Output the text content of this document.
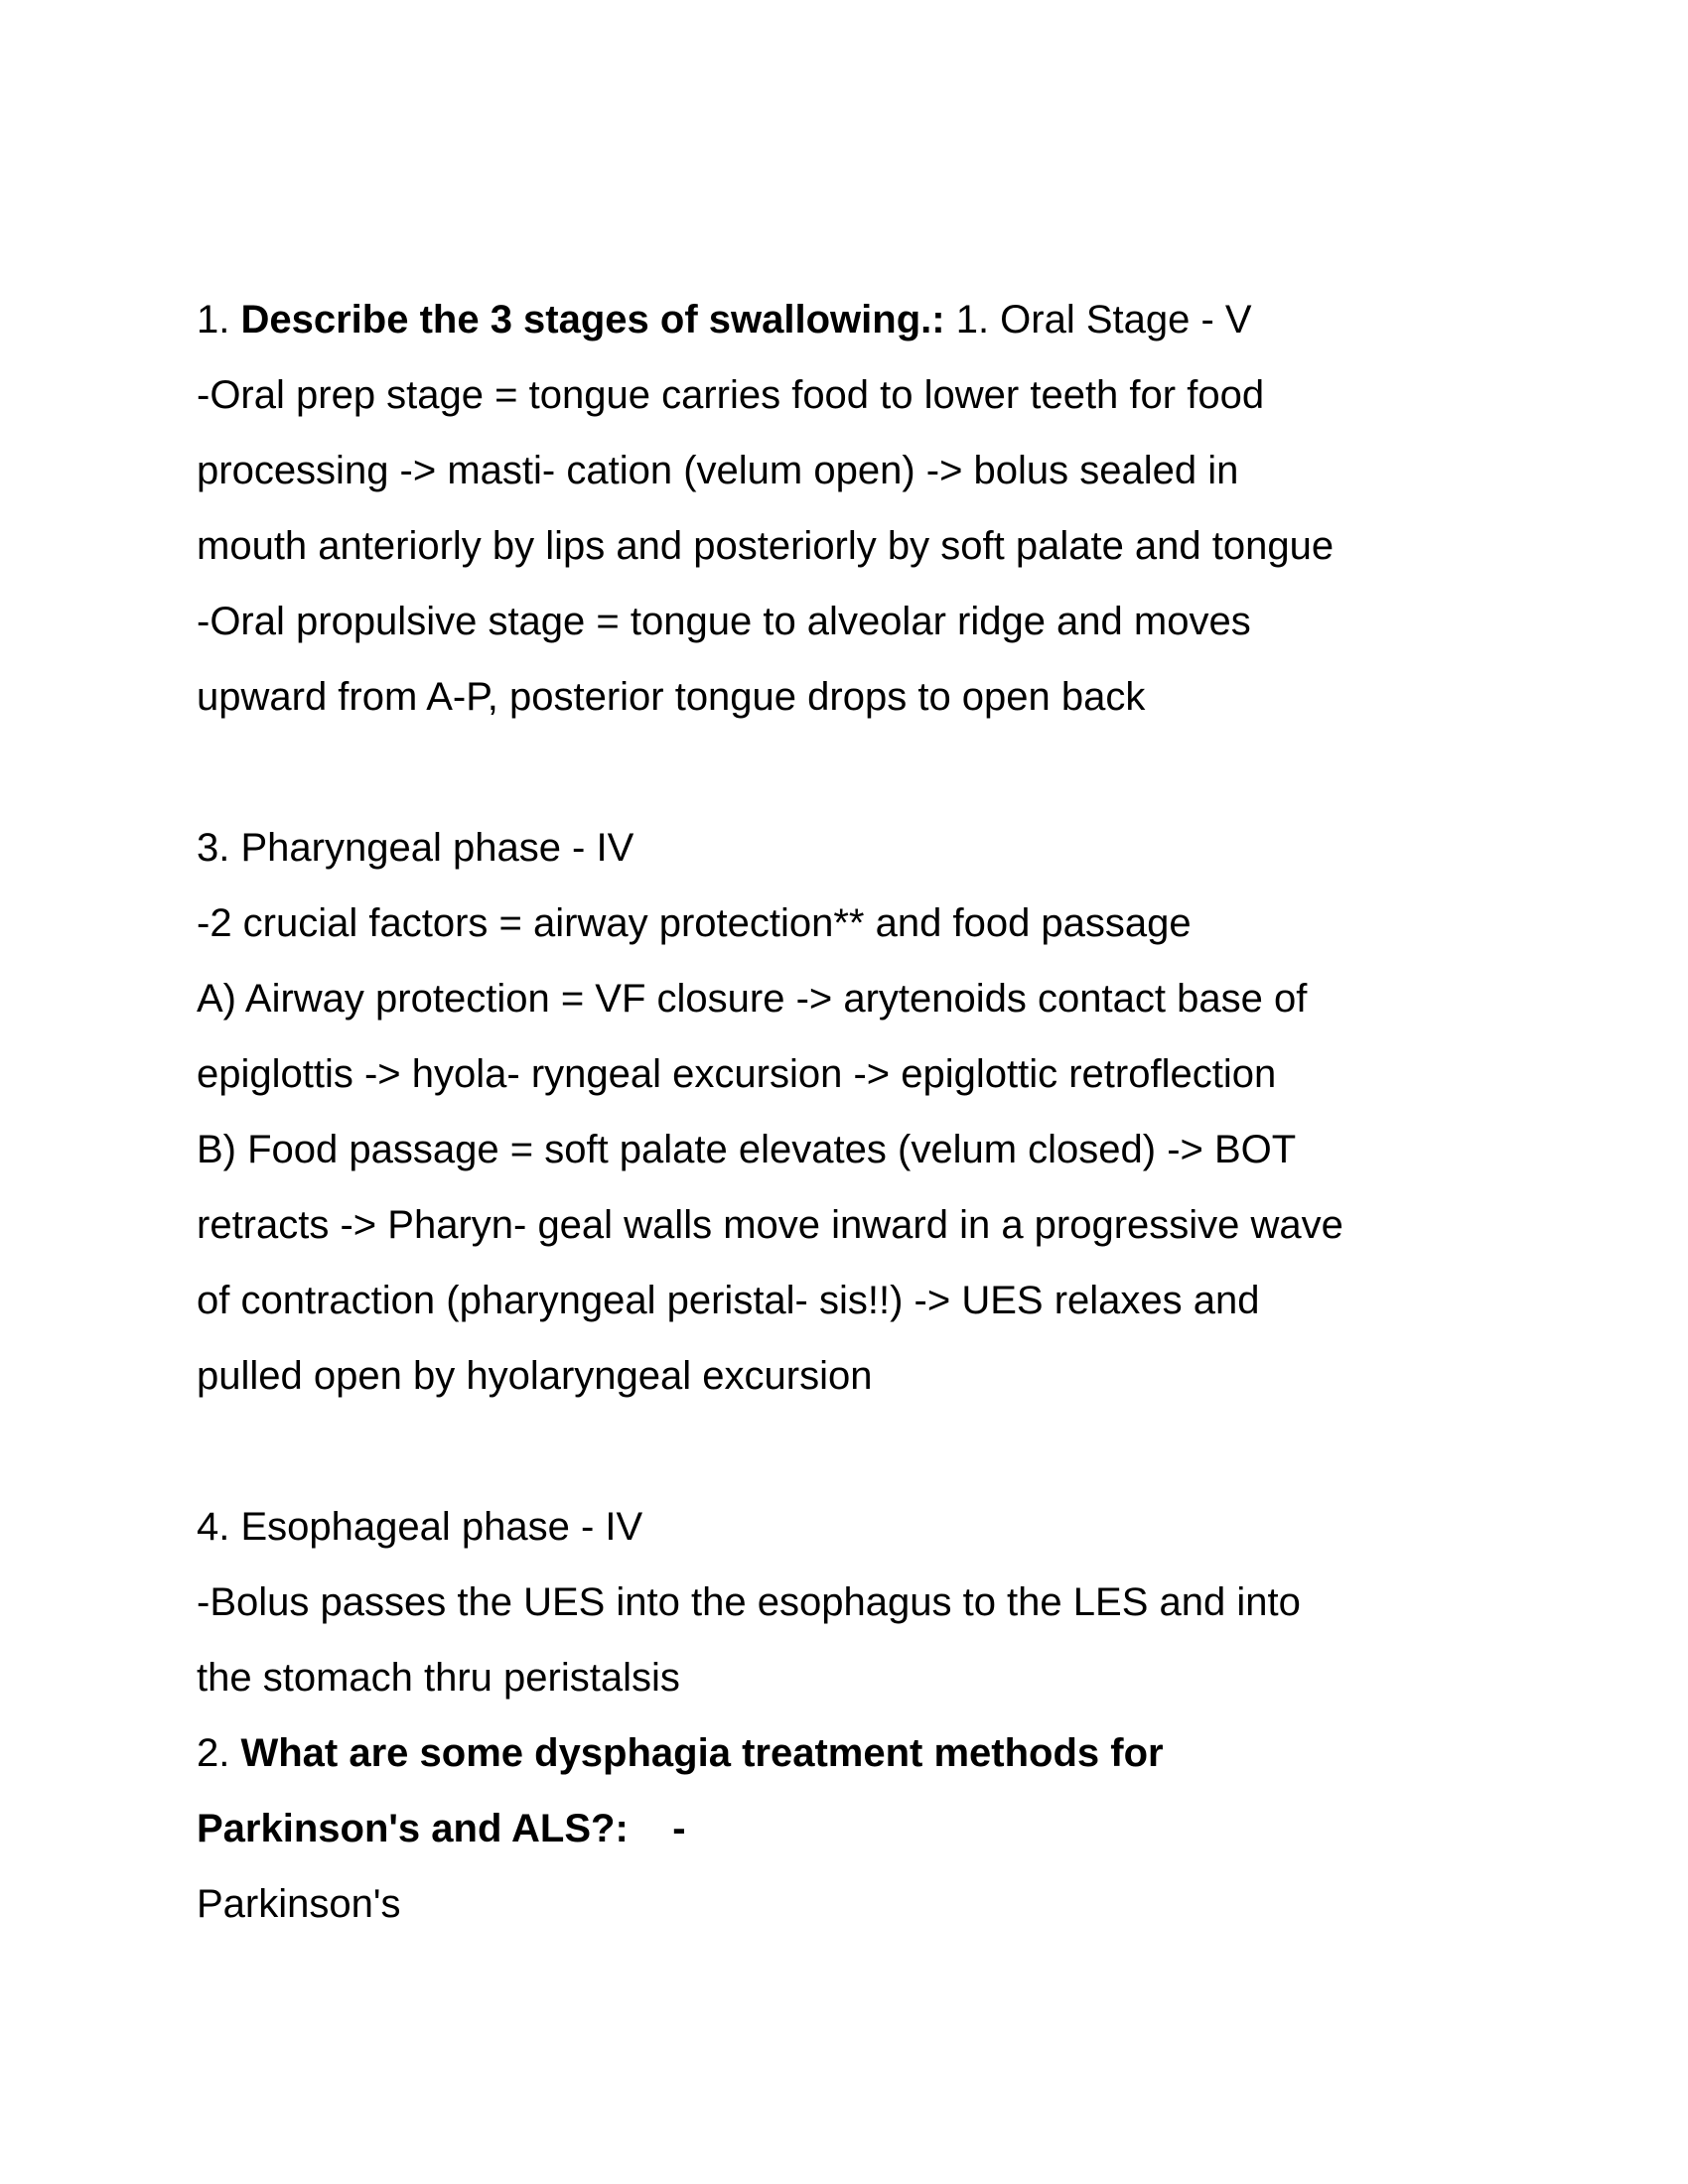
1. Describe the 3 stages of swallowing.: 1. Oral Stage - V
-Oral prep stage = tongue carries food to lower teeth for food
processing -> masti- cation (velum open) -> bolus sealed in
mouth anteriorly by lips and posteriorly by soft palate and tongue
-Oral propulsive stage = tongue to alveolar ridge and moves
upward from A-P, posterior tongue drops to open back
3. Pharyngeal phase - IV
-2 crucial factors = airway protection** and food passage
A) Airway protection = VF closure -> arytenoids contact base of
epiglottis -> hyola- ryngeal excursion -> epiglottic retroflection
B) Food passage = soft palate elevates (velum closed) -> BOT
retracts -> Pharyn- geal walls move inward in a progressive wave
of contraction (pharyngeal peristal- sis!!) -> UES relaxes and
pulled open by hyolaryngeal excursion
4. Esophageal phase - IV
-Bolus passes the UES into the esophagus to the LES and into
the stomach thru peristalsis
2. What are some dysphagia treatment methods for
Parkinson's and ALS?:    -
Parkinson's
